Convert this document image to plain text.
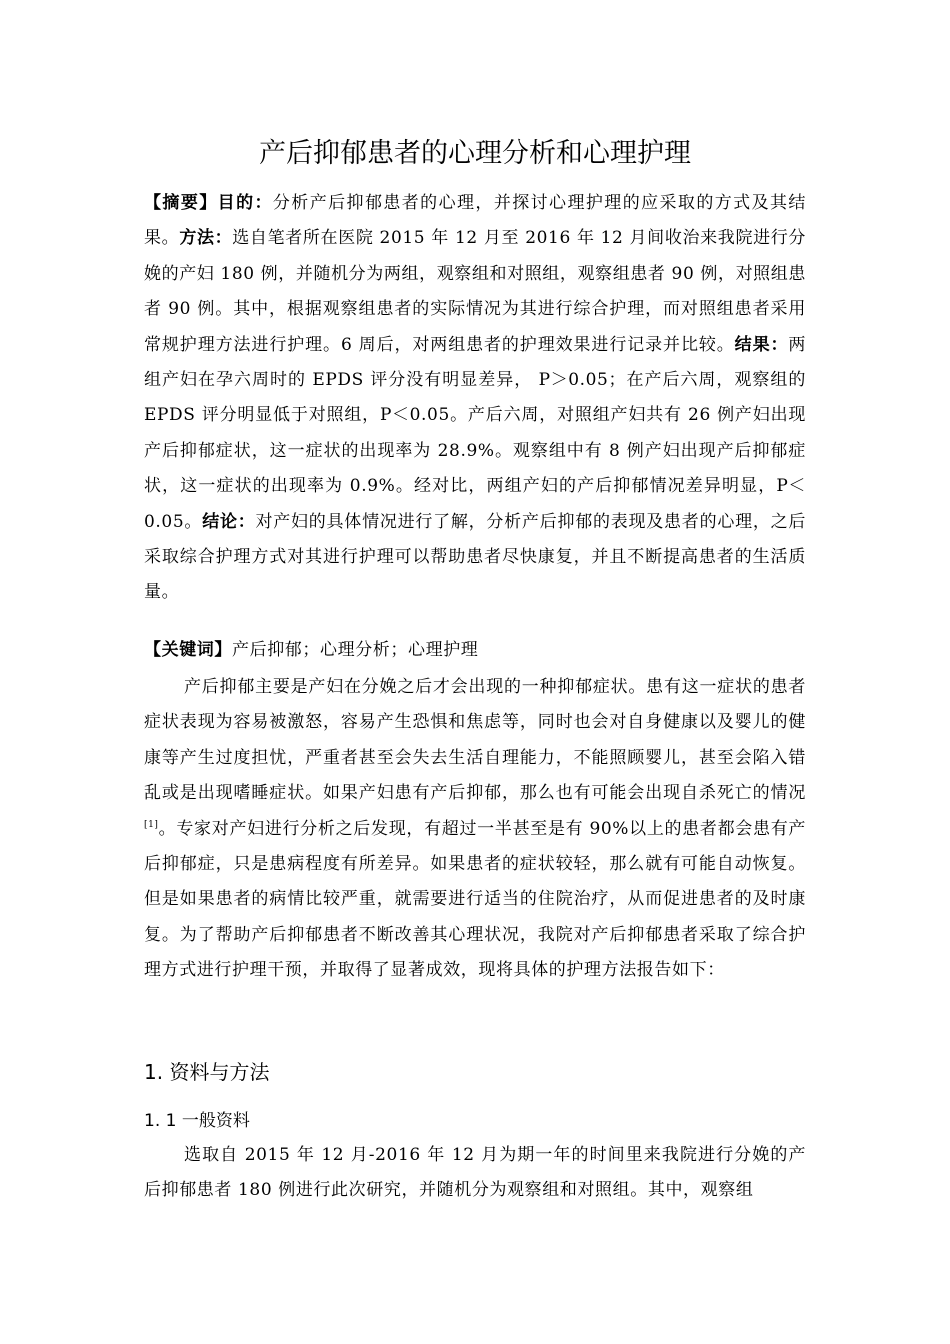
产后抑郁患者的心理分析和心理护理
【摘要】目的：分析产后抑郁患者的心理，并探讨心理护理的应采取的方式及其结果。方法：选自笔者所在医院 2015 年 12 月至 2016 年 12 月间收治来我院进行分娩的产妇 180 例，并随机分为两组，观察组和对照组，观察组患者 90 例，对照组患者 90 例。其中，根据观察组患者的实际情况为其进行综合护理，而对照组患者采用常规护理方法进行护理。6 周后，对两组患者的护理效果进行记录并比较。结果：两组产妇在孕六周时的 EPDS 评分没有明显差异， P＞0.05；在产后六周，观察组的 EPDS 评分明显低于对照组，P＜0.05。产后六周，对照组产妇共有 26 例产妇出现产后抑郁症状，这一症状的出现率为 28.9%。观察组中有 8 例产妇出现产后抑郁症状，这一症状的出现率为 0.9%。经对比，两组产妇的产后抑郁情况差异明显，P＜0.05。结论：对产妇的具体情况进行了解，分析产后抑郁的表现及患者的心理，之后采取综合护理方式对其进行护理可以帮助患者尽快康复，并且不断提高患者的生活质量。
【关键词】产后抑郁；心理分析；心理护理
产后抑郁主要是产妇在分娩之后才会出现的一种抑郁症状。患有这一症状的患者症状表现为容易被激怒，容易产生恐惧和焦虑等，同时也会对自身健康以及婴儿的健康等产生过度担忧，严重者甚至会失去生活自理能力，不能照顾婴儿，甚至会陷入错乱或是出现嗜睡症状。如果产妇患有产后抑郁，那么也有可能会出现自杀死亡的情况[1]。专家对产妇进行分析之后发现，有超过一半甚至是有 90%以上的患者都会患有产后抑郁症，只是患病程度有所差异。如果患者的症状较轻，那么就有可能自动恢复。但是如果患者的病情比较严重，就需要进行适当的住院治疗，从而促进患者的及时康复。为了帮助产后抑郁患者不断改善其心理状况，我院对产后抑郁患者采取了综合护理方式进行护理干预，并取得了显著成效，现将具体的护理方法报告如下：
1. 资料与方法
1. 1 一般资料
选取自 2015 年 12 月-2016 年 12 月为期一年的时间里来我院进行分娩的产后抑郁患者 180 例进行此次研究，并随机分为观察组和对照组。其中，观察组
